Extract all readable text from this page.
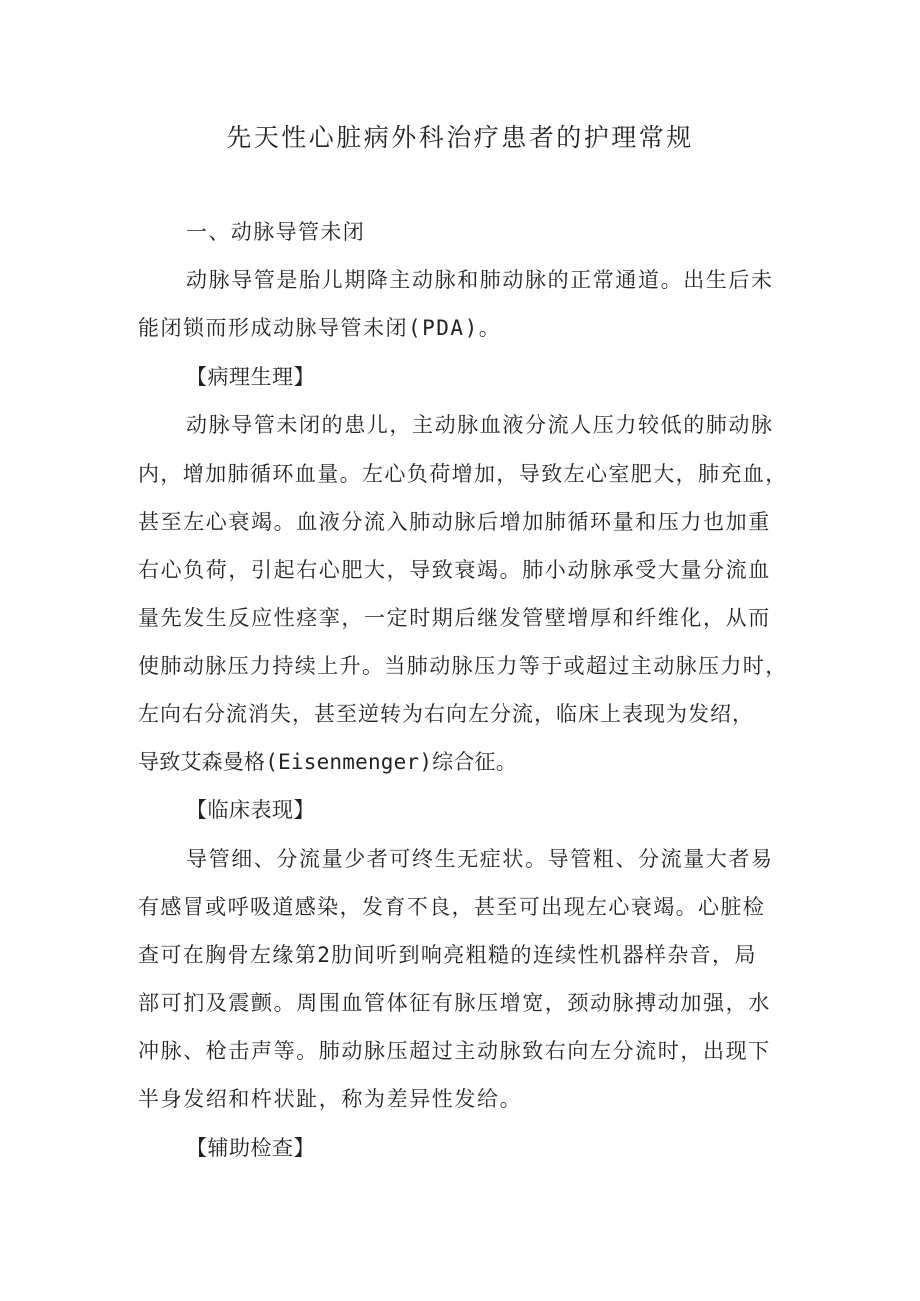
先天性心脏病外科治疗患者的护理常规
一、动脉导管未闭
动脉导管是胎儿期降主动脉和肺动脉的正常通道。出生后未
能闭锁而形成动脉导管未闭(PDA)。
【病理生理】
动脉导管未闭的患儿，主动脉血液分流人压力较低的肺动脉
内，增加肺循环血量。左心负荷增加，导致左心室肥大，肺充血，
甚至左心衰竭。血液分流入肺动脉后增加肺循环量和压力也加重
右心负荷，引起右心肥大，导致衰竭。肺小动脉承受大量分流血
量先发生反应性痉挛，一定时期后继发管壁增厚和纤维化，从而
使肺动脉压力持续上升。当肺动脉压力等于或超过主动脉压力时，
左向右分流消失，甚至逆转为右向左分流，临床上表现为发绍，
导致艾森曼格(Eisenmenger)综合征。
【临床表现】
导管细、分流量少者可终生无症状。导管粗、分流量大者易
有感冒或呼吸道感染，发育不良，甚至可出现左心衰竭。心脏检
查可在胸骨左缘第2肋间听到响亮粗糙的连续性机器样杂音，局
部可扪及震颤。周围血管体征有脉压增宽，颈动脉搏动加强，水
冲脉、枪击声等。肺动脉压超过主动脉致右向左分流时，出现下
半身发绍和杵状趾，称为差异性发给。
【辅助检查】
